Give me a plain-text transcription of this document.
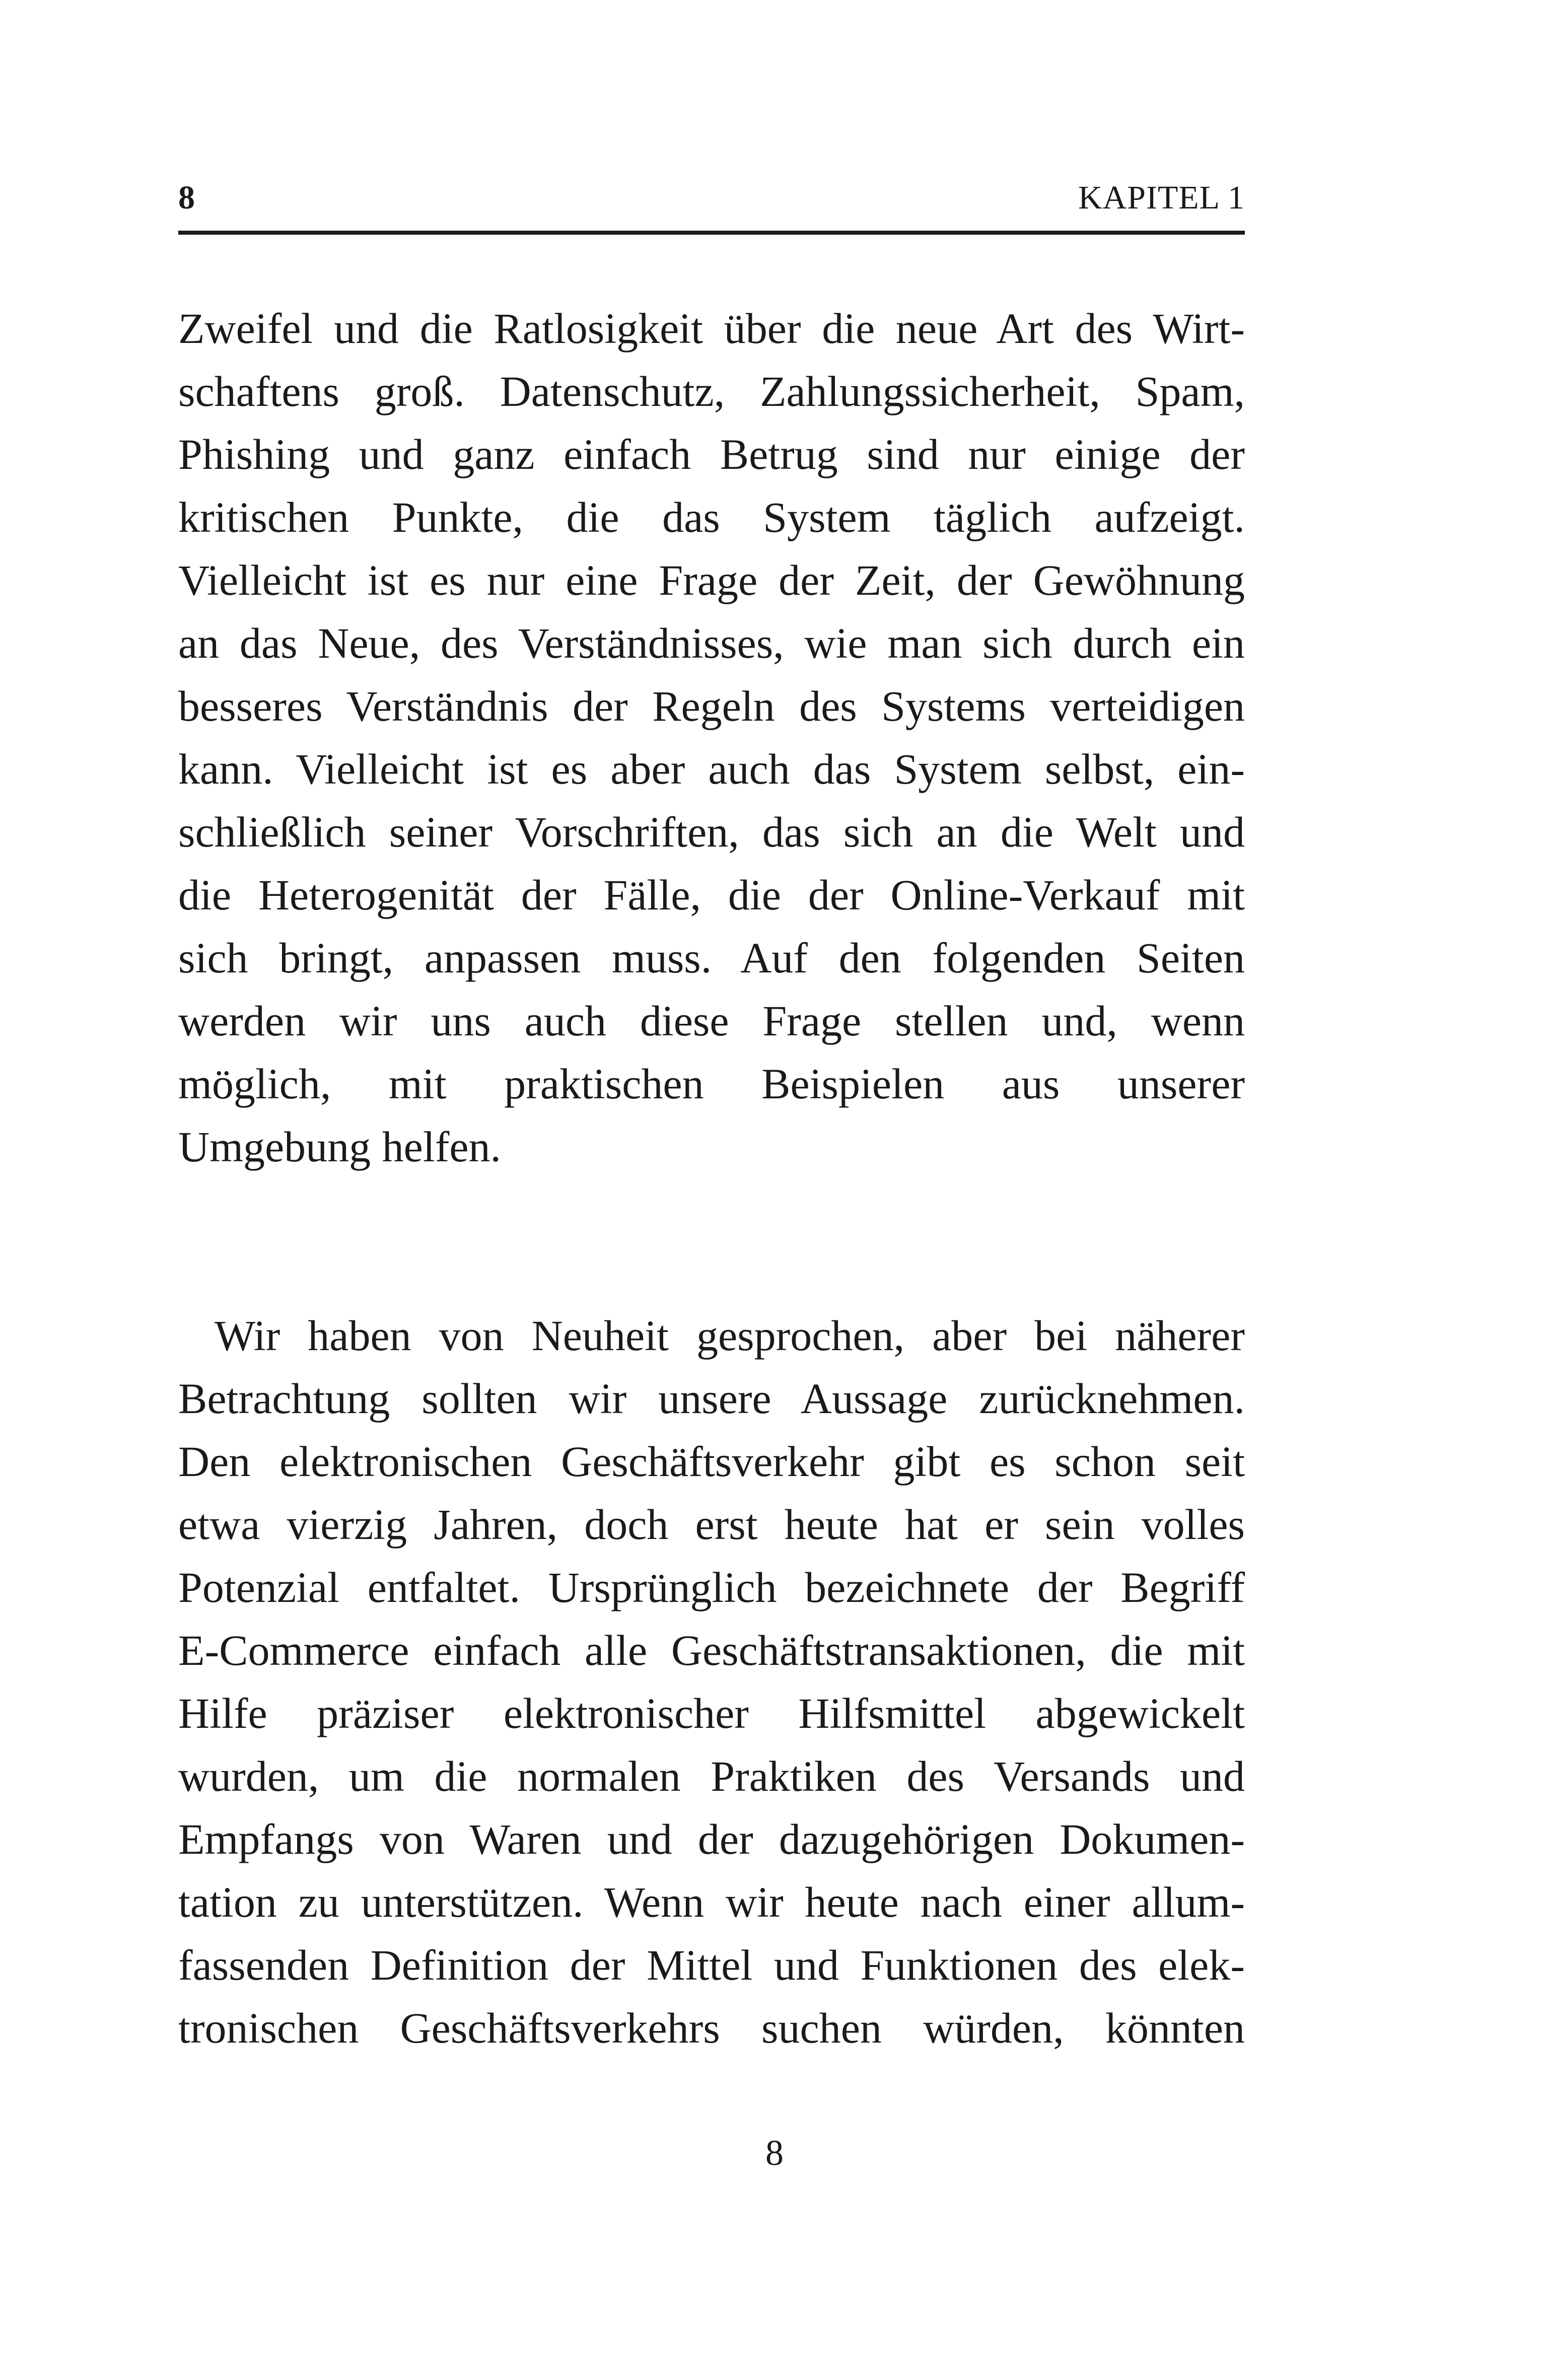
8	KAPITEL 1
Zweifel und die Ratlosigkeit über die neue Art des Wirt-
schaftens groß. Datenschutz, Zahlungssicherheit, Spam,
Phishing und ganz einfach Betrug sind nur einige der
kritischen Punkte, die das System täglich aufzeigt.
Vielleicht ist es nur eine Frage der Zeit, der Gewöhnung
an das Neue, des Verständnisses, wie man sich durch ein
besseres Verständnis der Regeln des Systems verteidigen
kann. Vielleicht ist es aber auch das System selbst, ein-
schließlich seiner Vorschriften, das sich an die Welt und
die Heterogenität der Fälle, die der Online-Verkauf mit
sich bringt, anpassen muss. Auf den folgenden Seiten
werden wir uns auch diese Frage stellen und, wenn
möglich, mit praktischen Beispielen aus unserer
Umgebung helfen.
Wir haben von Neuheit gesprochen, aber bei näherer
Betrachtung sollten wir unsere Aussage zurücknehmen.
Den elektronischen Geschäftsverkehr gibt es schon seit
etwa vierzig Jahren, doch erst heute hat er sein volles
Potenzial entfaltet. Ursprünglich bezeichnete der Begriff
E-Commerce einfach alle Geschäftstransaktionen, die mit
Hilfe präziser elektronischer Hilfsmittel abgewickelt
wurden, um die normalen Praktiken des Versands und
Empfangs von Waren und der dazugehörigen Dokumen-
tation zu unterstützen. Wenn wir heute nach einer allum-
fassenden Definition der Mittel und Funktionen des elek-
tronischen Geschäftsverkehrs suchen würden, könnten
8
